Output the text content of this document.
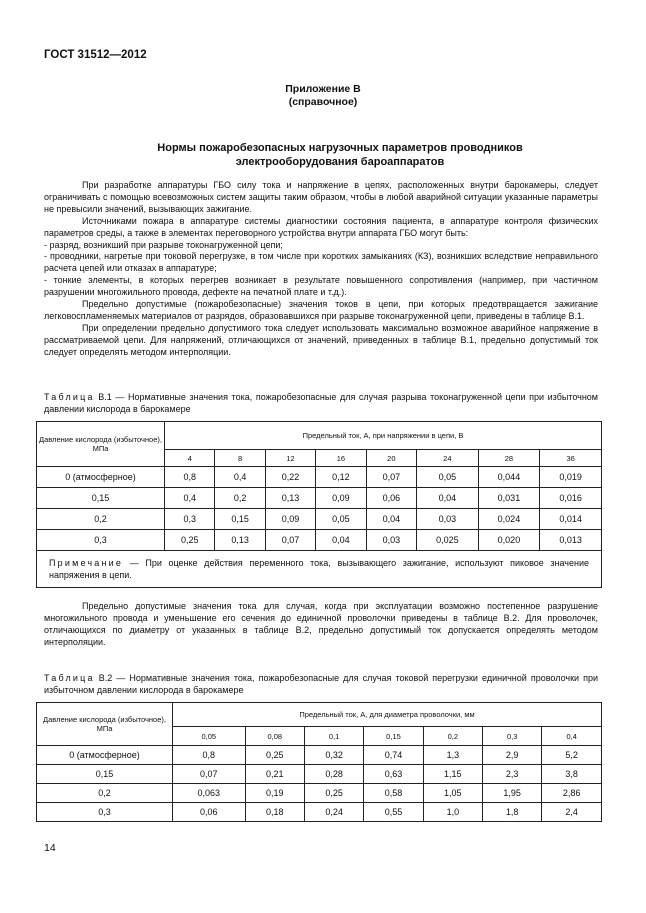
ГОСТ 31512—2012
Приложение В
(справочное)
Нормы пожаробезопасных нагрузочных параметров проводников
электрооборудования бароаппаратов

При разработке аппаратуры ГБО силу тока и напряжение в цепях, расположенных внутри барокамеры, следует ограничивать с помощью всевозможных систем защиты таким образом, чтобы в любой аварийной ситуации указанные параметры не превысили значений, вызывающих зажигание.

Источниками пожара в аппаратуре системы диагностики состояния пациента, в аппаратуре контроля физических параметров среды, а также в элементах переговорного устройства внутри аппарата ГБО могут быть:

- разряд, возникший при разрыве токонагруженной цепи;

- проводники, нагретые при токовой перегрузке, в том числе при коротких замыканиях (КЗ), возникших вследствие неправильного расчета цепей или отказах в аппаратуре;

- тонкие элементы, в которых перегрев возникает в результате повышенного сопротивления (например, при частичном разрушении многожильного провода, дефекте на печатной плате и т.д.).

Предельно допустимые (пожаробезопасные) значения токов в цепи, при которых предотвращается зажигание легковоспламеняемых материалов от разрядов, образовавшихся при разрыве токонагруженной цепи, приведены в таблице В.1.

При определении предельно допустимого тока следует использовать максимально возможное аварийное напряжение в рассматриваемой цепи. Для напряжений, отличающихся от значений, приведенных в таблице В.1, предельно допустимый ток следует определять методом интерполяции.

Таблица В.1 — Нормативные значения тока, пожаробезопасные для случая разрыва токонагруженной цепи при избыточном давлении кислорода в барокамере
Давление кислорода (избыточное), МПа	Предельный ток, А, при напряжении в цепи, В							
	4	8	12	16	20	24	28	36
0 (атмосферное)	0,8	0,4	0,22	0,12	0,07	0,05	0,044	0,019
0,15	0,4	0,2	0,13	0,09	0,06	0,04	0,031	0,016
0,2	0,3	0,15	0,09	0,05	0,04	0,03	0,024	0,014
0,3	0,25	0,13	0,07	0,04	0,03	0,025	0,020	0,013
Примечание — При оценке действия переменного тока, вызывающего зажигание, используют пиковое значение напряжения в цепи.								

Предельно допустимые значения тока для случая, когда при эксплуатации возможно постепенное разрушение многожильного провода и уменьшение его сечения до единичной проволочки приведены в таблице В.2. Для проволочек, отличающихся по диаметру от указанных в таблице В.2, предельно допустимый ток допускается определять методом интерполяции.

Таблица В.2 — Нормативные значения тока, пожаробезопасные для случая токовой перегрузки единичной проволочки при избыточном давлении кислорода в барокамере
Давление кислорода (избыточное), МПа	Предельный ток, А, для диаметра проволочки, мм						
	0,05	0,08	0,1	0,15	0,2	0,3	0,4
0 (атмосферное)	0,8	0,25	0,32	0,74	1,3	2,9	5,2
0,15	0,07	0,21	0,28	0,63	1,15	2,3	3,8
0,2	0,063	0,19	0,25	0,58	1,05	1,95	2,86
0,3	0,06	0,18	0,24	0,55	1,0	1,8	2,4
14
